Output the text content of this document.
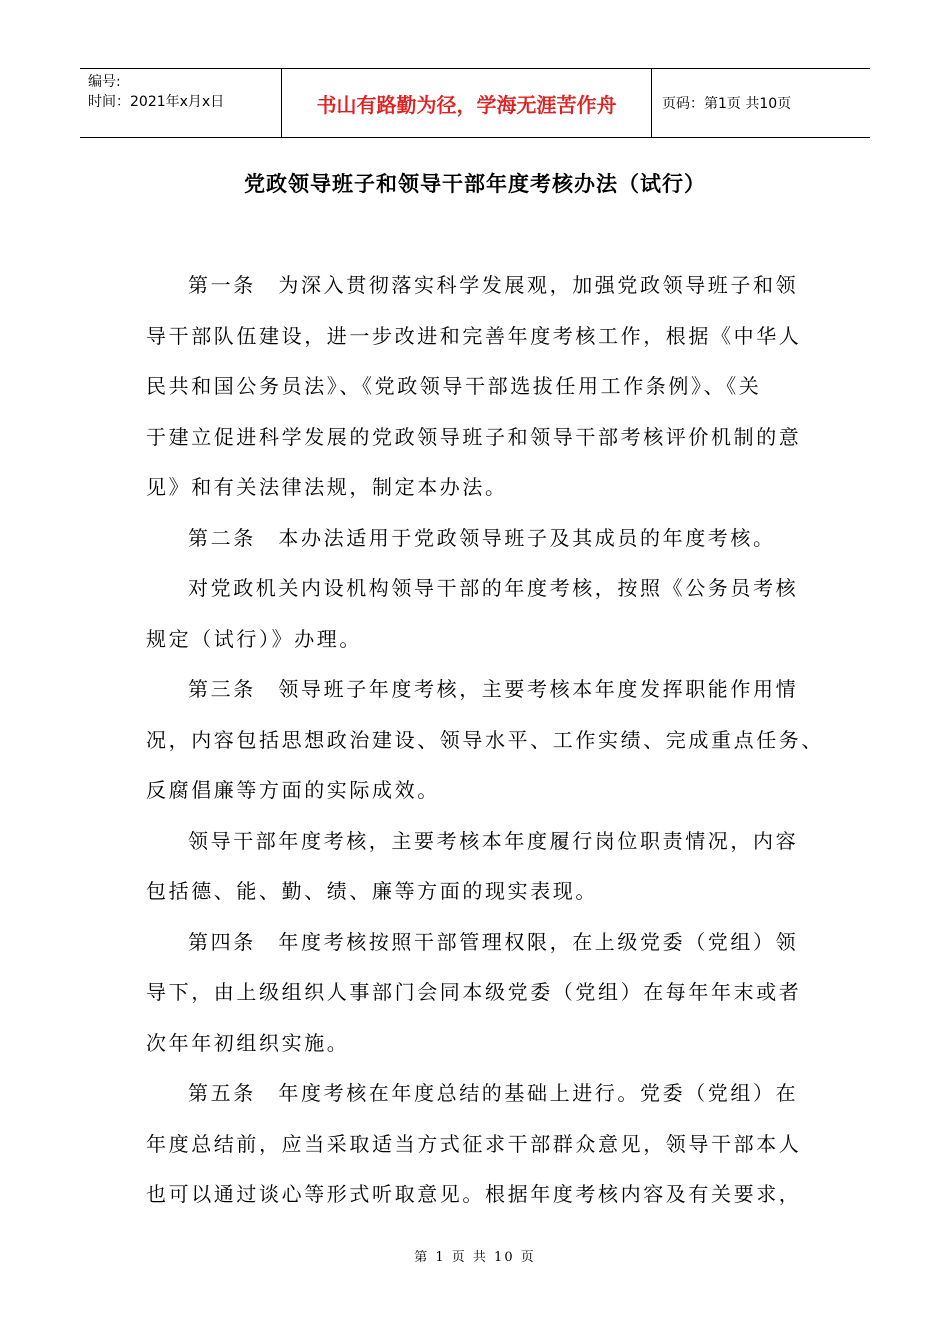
编号:
时间：2021年x月x日	书山有路勤为径，学海无涯苦作舟	页码：第1页 共10页
党政领导班子和领导干部年度考核办法（试行）
第一条　为深入贯彻落实科学发展观，加强党政领导班子和领
导干部队伍建设，进一步改进和完善年度考核工作，根据《中华人
民共和国公务员法》、《党政领导干部选拔任用工作条例》、《关
于建立促进科学发展的党政领导班子和领导干部考核评价机制的意
见》和有关法律法规，制定本办法。
第二条　本办法适用于党政领导班子及其成员的年度考核。
对党政机关内设机构领导干部的年度考核，按照《公务员考核
规定（试行）》办理。
第三条　领导班子年度考核，主要考核本年度发挥职能作用情
况，内容包括思想政治建设、领导水平、工作实绩、完成重点任务、
反腐倡廉等方面的实际成效。
领导干部年度考核，主要考核本年度履行岗位职责情况，内容
包括德、能、勤、绩、廉等方面的现实表现。
第四条　年度考核按照干部管理权限，在上级党委（党组）领
导下，由上级组织人事部门会同本级党委（党组）在每年年末或者
次年年初组织实施。
第五条　年度考核在年度总结的基础上进行。党委（党组）在
年度总结前，应当采取适当方式征求干部群众意见，领导干部本人
也可以通过谈心等形式听取意见。根据年度考核内容及有关要求，
第 1 页 共 10 页
